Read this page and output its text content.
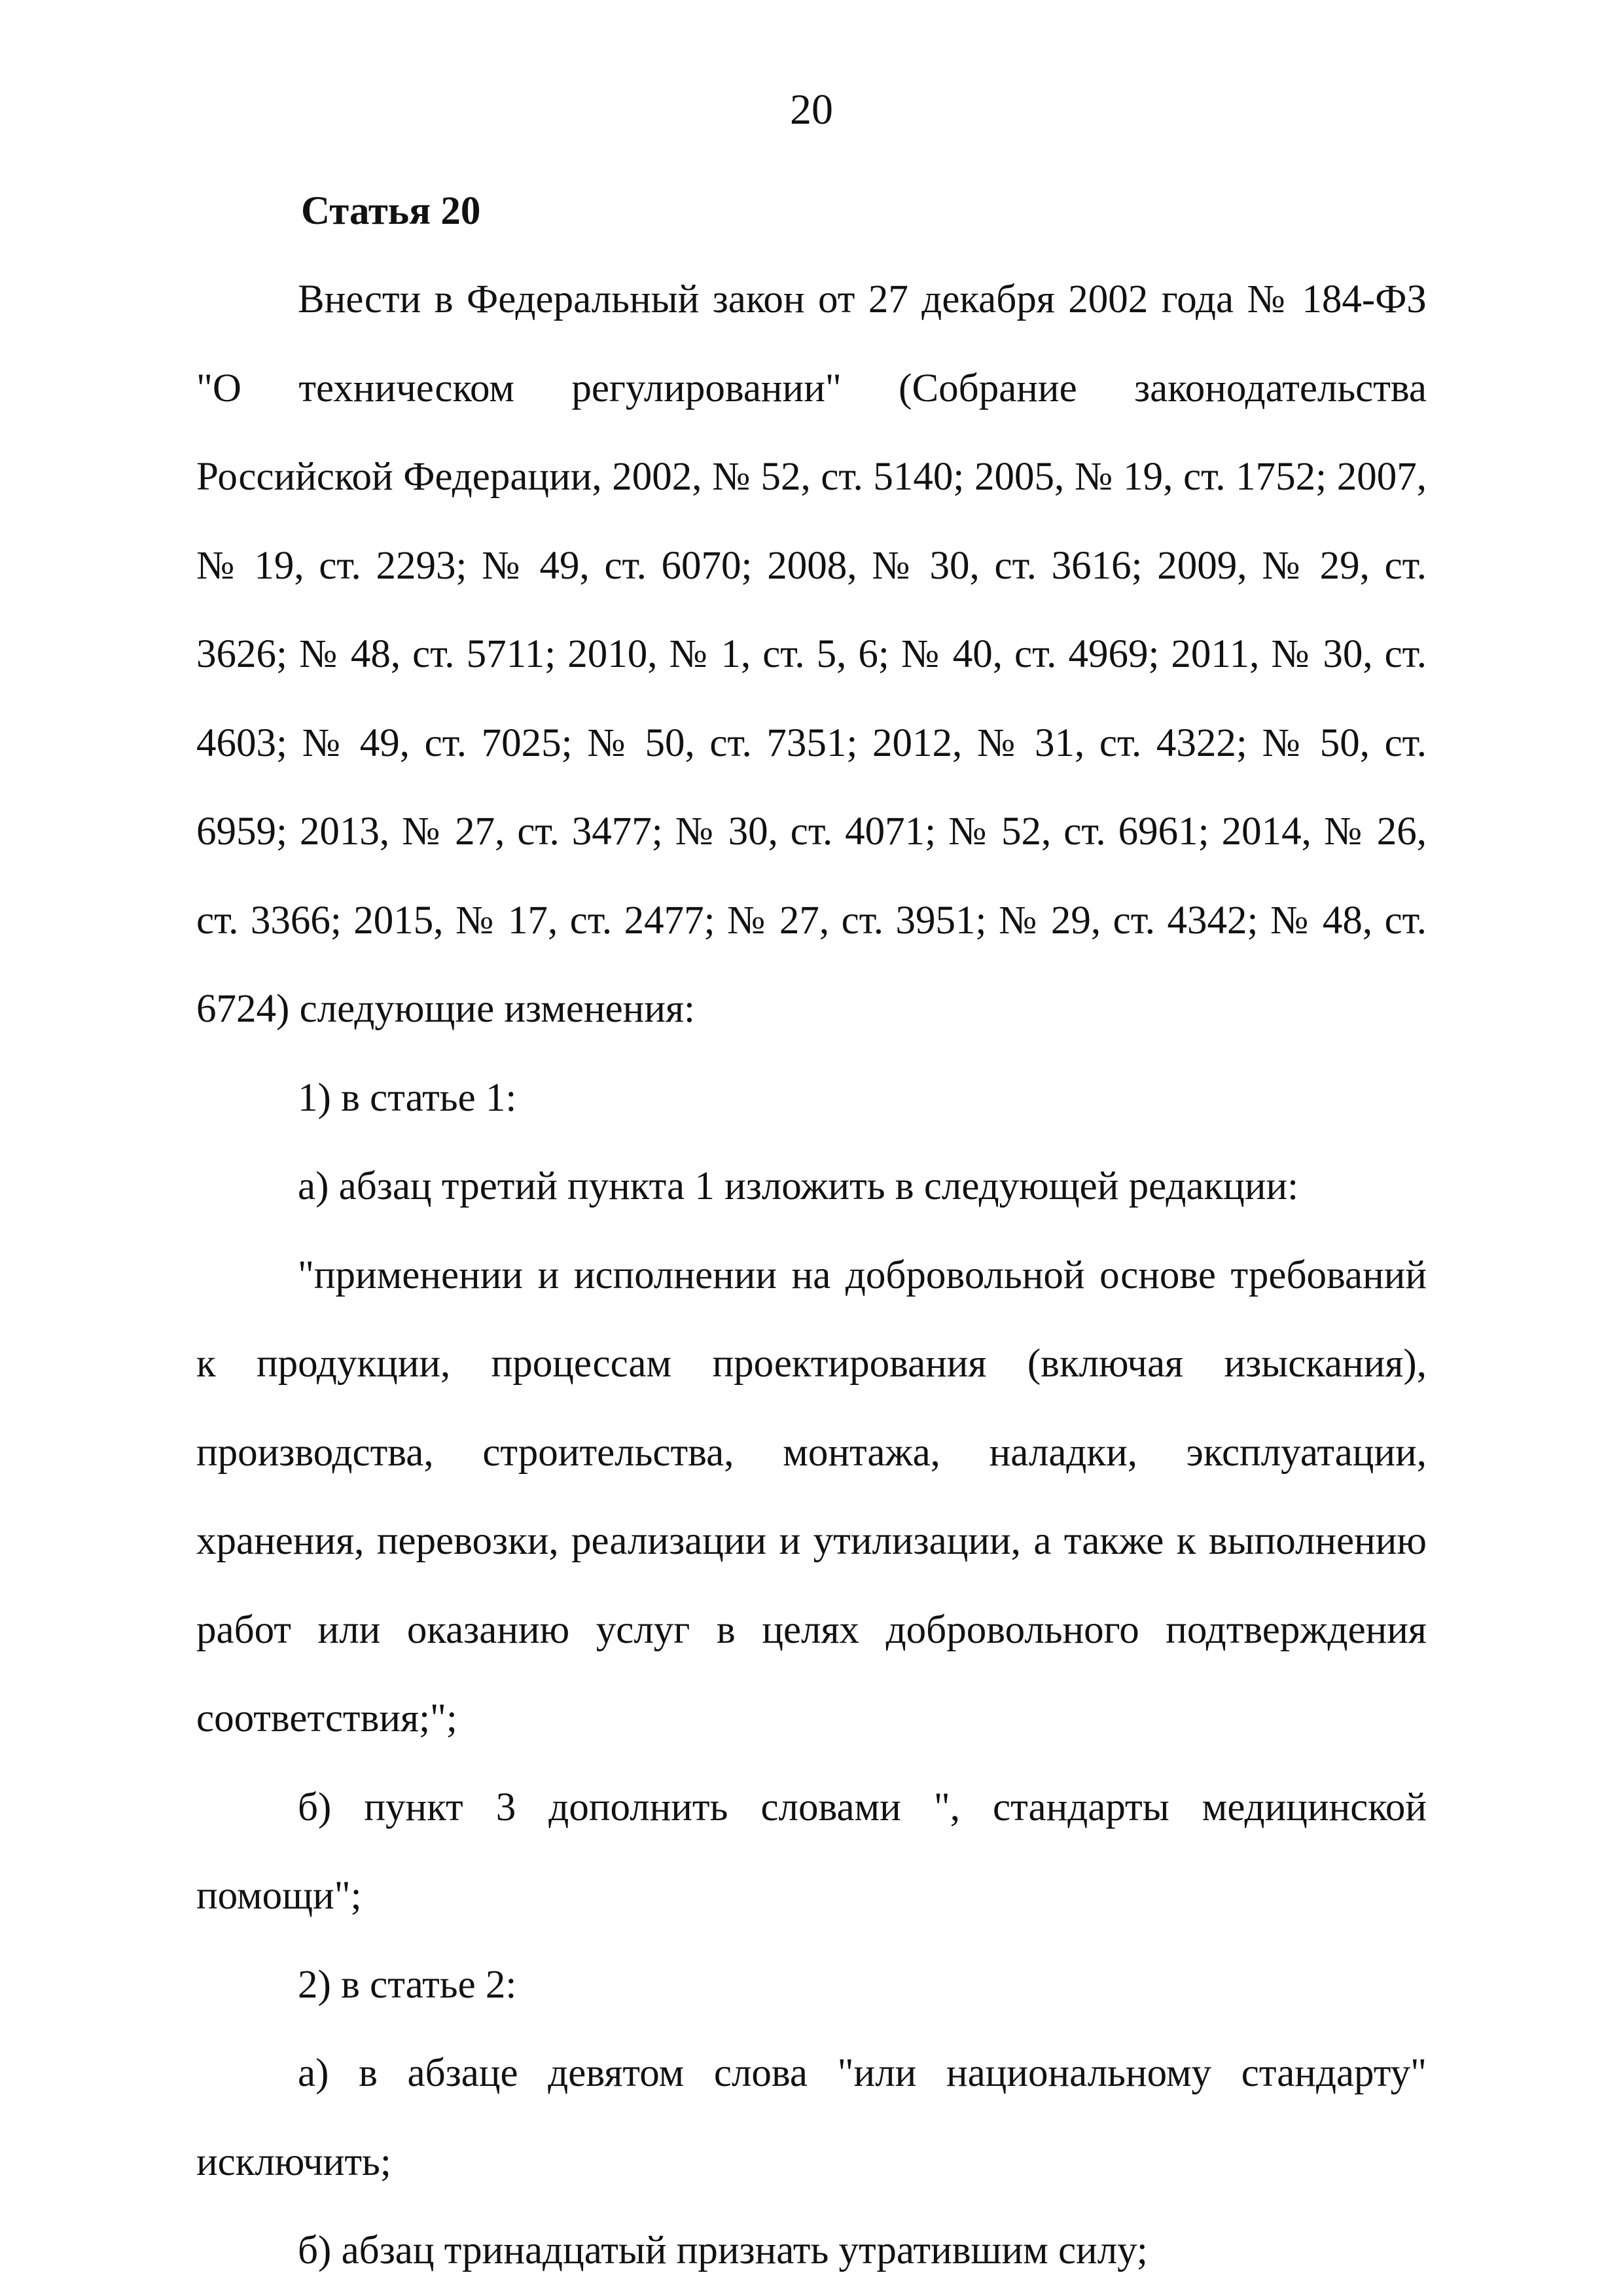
20

Статья 20

Внести в Федеральный закон от 27 декабря 2002 года № 184-ФЗ "О техническом регулировании" (Собрание законодательства Российской Федерации, 2002, № 52, ст. 5140; 2005, № 19, ст. 1752; 2007, № 19, ст. 2293; № 49, ст. 6070; 2008, № 30, ст. 3616; 2009, № 29, ст. 3626; № 48, ст. 5711; 2010, № 1, ст. 5, 6; № 40, ст. 4969; 2011, № 30, ст. 4603; № 49, ст. 7025; № 50, ст. 7351; 2012, № 31, ст. 4322; № 50, ст. 6959; 2013, № 27, ст. 3477; № 30, ст. 4071; № 52, ст. 6961; 2014, № 26, ст. 3366; 2015, № 17, ст. 2477; № 27, ст. 3951; № 29, ст. 4342; № 48, ст. 6724) следующие изменения:

1) в статье 1:

а) абзац третий пункта 1 изложить в следующей редакции:

"применении и исполнении на добровольной основе требований к продукции, процессам проектирования (включая изыскания), производства, строительства, монтажа, наладки, эксплуатации, хранения, перевозки, реализации и утилизации, а также к выполнению работ или оказанию услуг в целях добровольного подтверждения соответствия;";

б) пункт 3 дополнить словами ", стандарты медицинской помощи";

2) в статье 2:

а) в абзаце девятом слова "или национальному стандарту" исключить;

б) абзац тринадцатый признать утратившим силу;
